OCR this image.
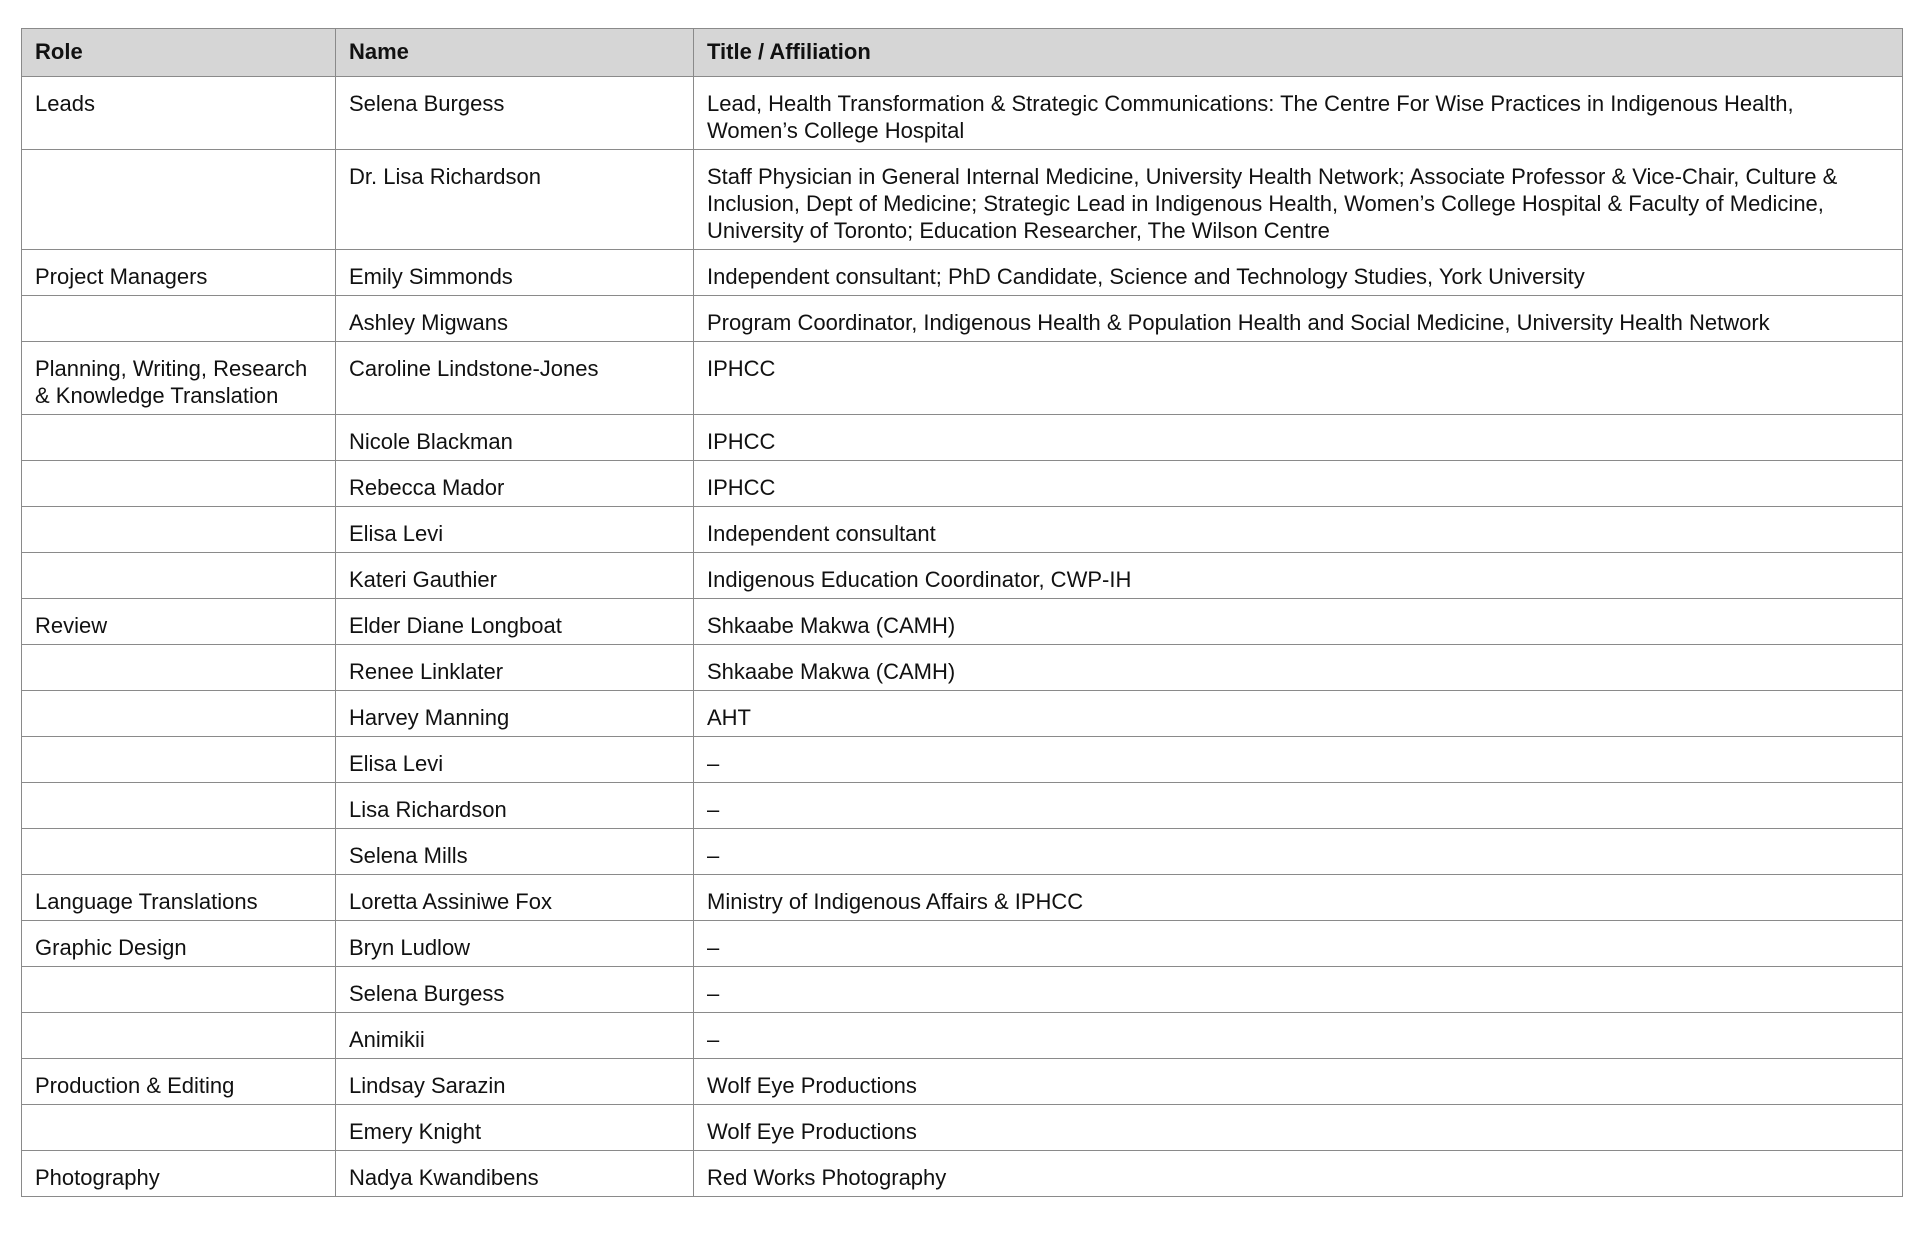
Role	Name	Title / Affiliation
Leads	Selena Burgess	Lead, Health Transformation & Strategic Communications: The Centre For Wise Practices in Indigenous Health, Women’s College Hospital
	Dr. Lisa Richardson	Staff Physician in General Internal Medicine, University Health Network; Associate Professor & Vice-Chair, Culture & Inclusion, Dept of Medicine; Strategic Lead in Indigenous Health, Women’s College Hospital & Faculty of Medicine, University of Toronto; Education Researcher, The Wilson Centre
Project Managers	Emily Simmonds	Independent consultant; PhD Candidate, Science and Technology Studies, York University
	Ashley Migwans	Program Coordinator, Indigenous Health & Population Health and Social Medicine, University Health Network
Planning, Writing, Research & Knowledge Translation	Caroline Lindstone-Jones	IPHCC
	Nicole Blackman	IPHCC
	Rebecca Mador	IPHCC
	Elisa Levi	Independent consultant
	Kateri Gauthier	Indigenous Education Coordinator, CWP-IH
Review	Elder Diane Longboat	Shkaabe Makwa (CAMH)
	Renee Linklater	Shkaabe Makwa (CAMH)
	Harvey Manning	AHT
	Elisa Levi	–
	Lisa Richardson	–
	Selena Mills	–
Language Translations	Loretta Assiniwe Fox	Ministry of Indigenous Affairs & IPHCC
Graphic Design	Bryn Ludlow	–
	Selena Burgess	–
	Animikii	–
Production & Editing	Lindsay Sarazin	Wolf Eye Productions
	Emery Knight	Wolf Eye Productions
Photography	Nadya Kwandibens	Red Works Photography
